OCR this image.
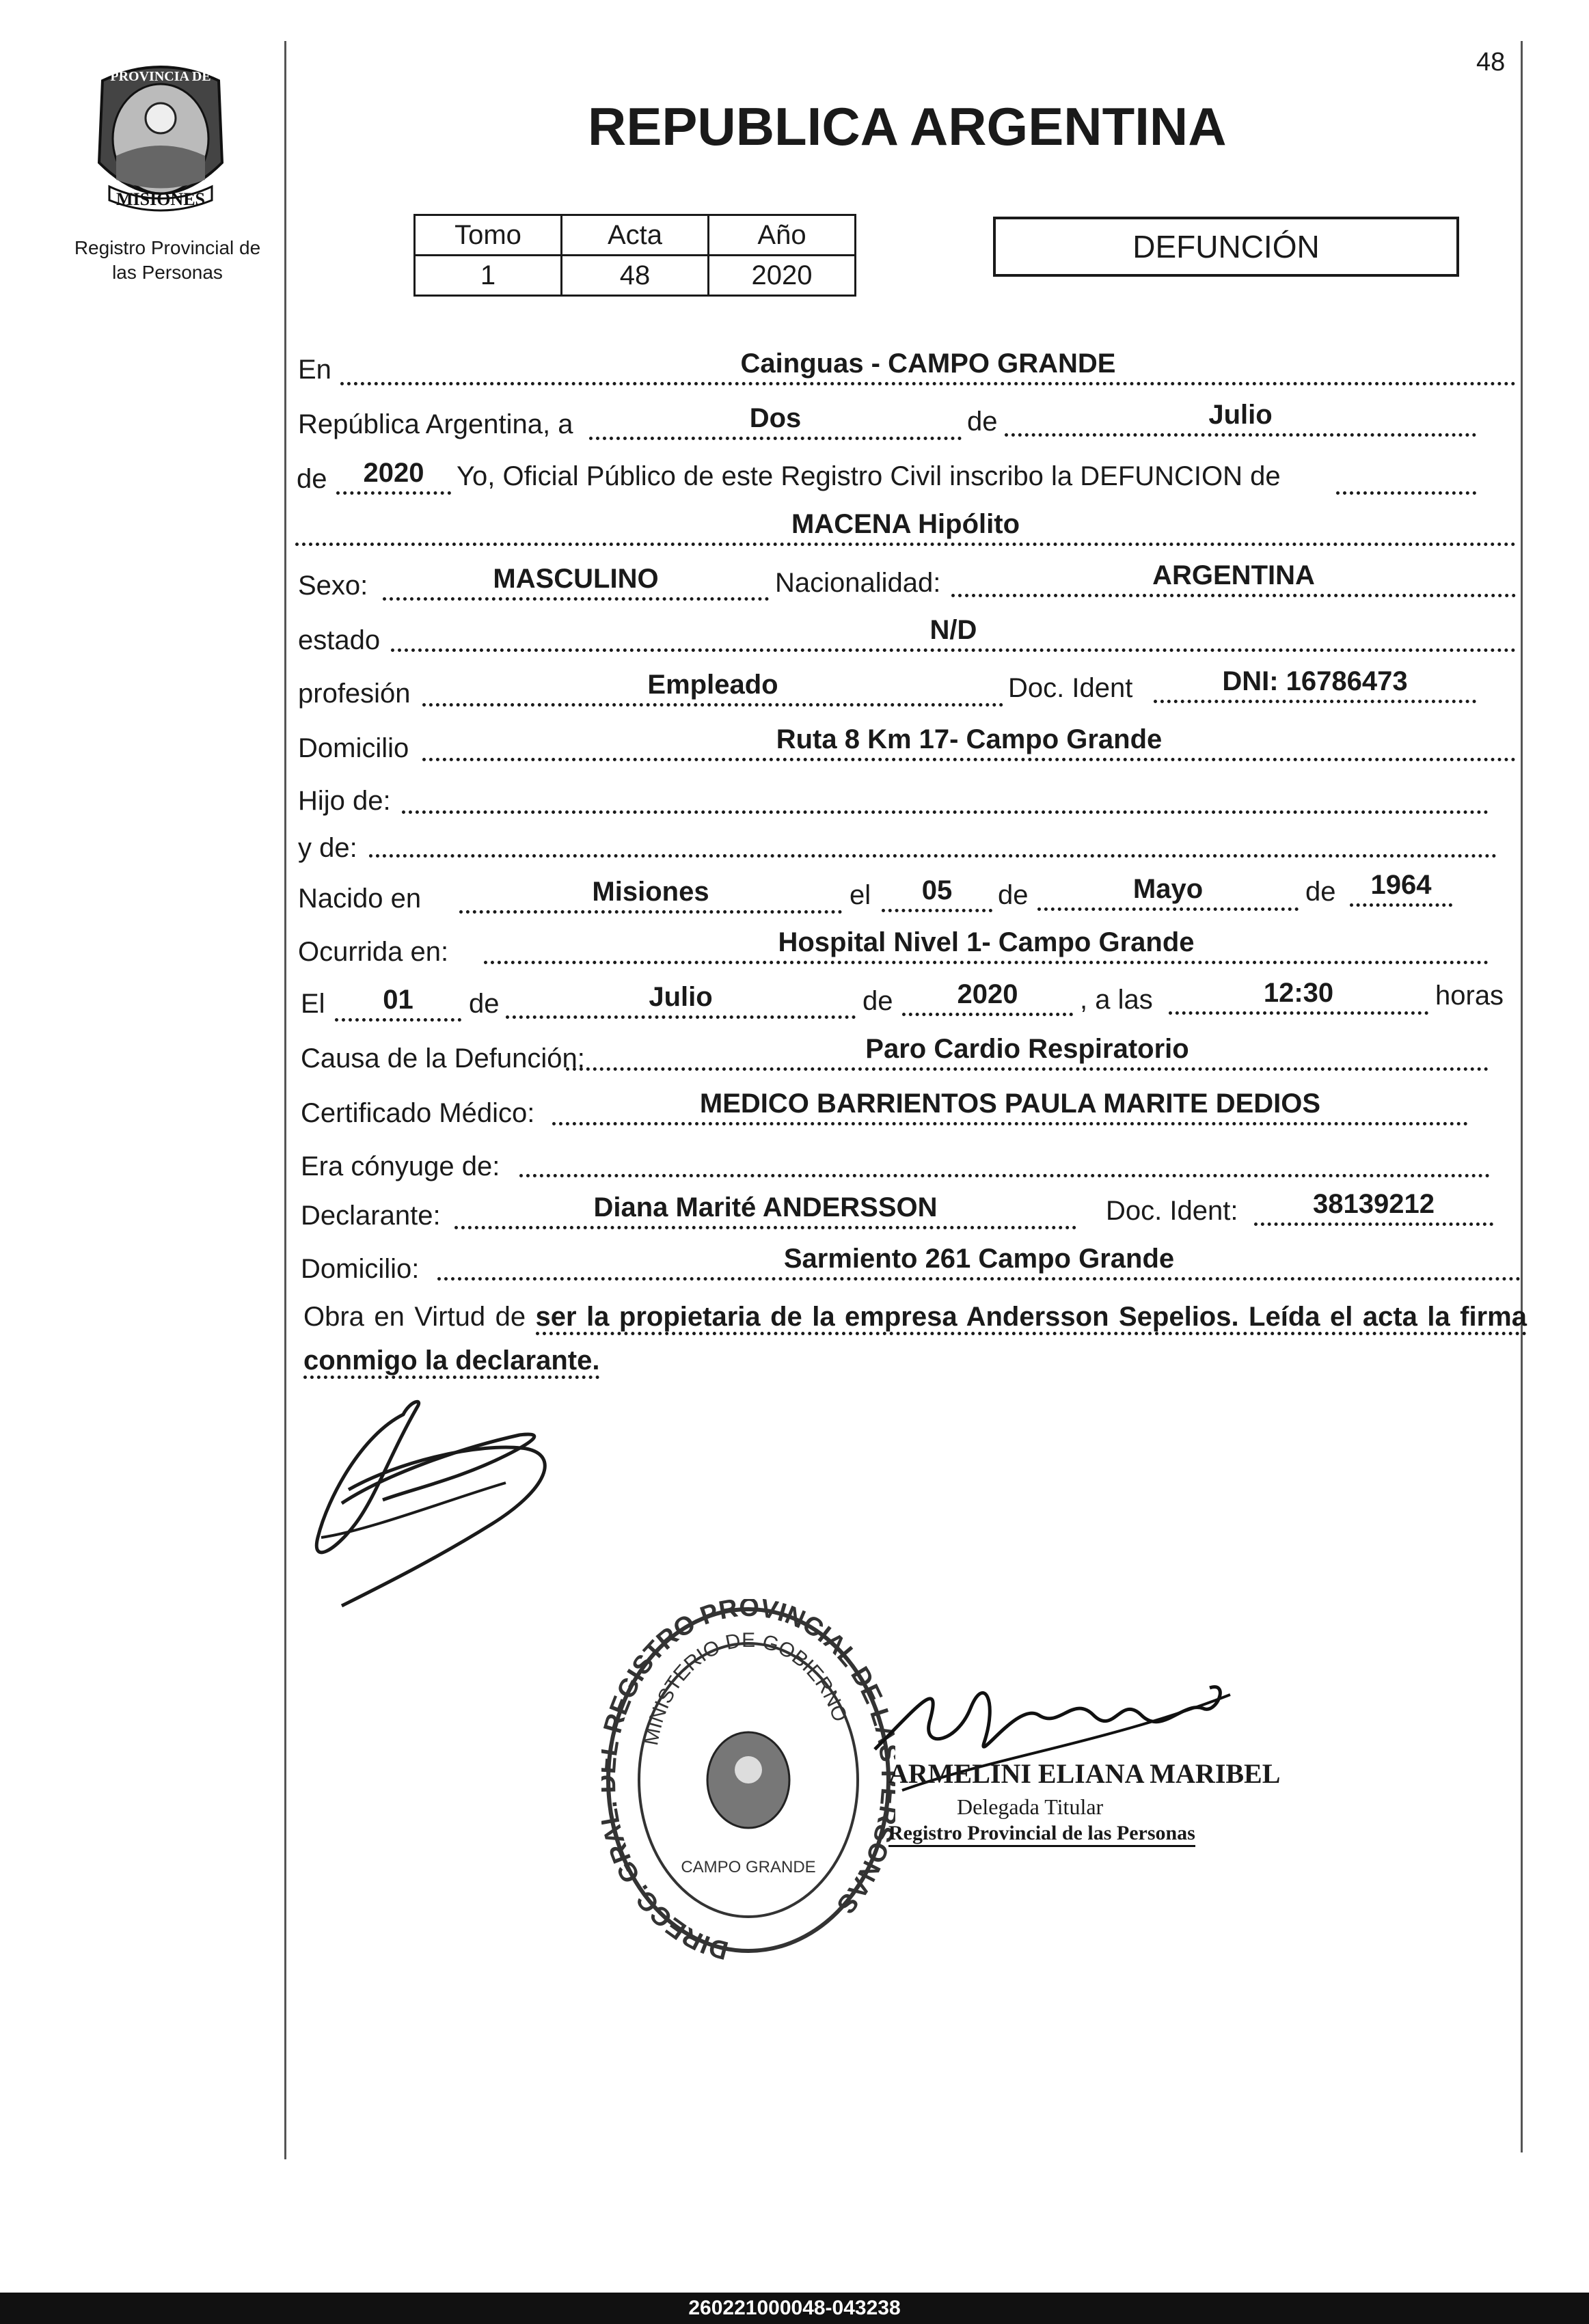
48
MISIONES
PROVINCIA DE
Registro Provincial de las Personas
REPUBLICA ARGENTINA
Tomo	Acta	Año
1	48	2020
DEFUNCIÓN
En	Cainguas - CAMPO GRANDE
República Argentina, a	Dos	de	Julio
de	2020	Yo, Oficial Público de este Registro Civil inscribo la DEFUNCION de
MACENA Hipólito
Sexo:	MASCULINO	Nacionalidad:	ARGENTINA
estado	N/D
profesión	Empleado	Doc. Ident	DNI: 16786473
Domicilio	Ruta 8 Km 17- Campo Grande
Hijo de:
y de:
Nacido en	Misiones	el	05	de	Mayo	de	1964
Ocurrida en:	Hospital Nivel 1- Campo Grande
El	01	de	Julio	de	2020	, a las	12:30	horas
Causa de la Defunción:	Paro Cardio Respiratorio
Certificado Médico:	MEDICO BARRIENTOS PAULA MARITE DEDIOS
Era cónyuge de:
Declarante:	Diana Marité ANDERSSON	Doc. Ident:	38139212
Domicilio:	Sarmiento 261 Campo Grande
Obra en Virtud de ser la propietaria de la empresa Andersson Sepelios. Leída el acta la firma conmigo la declarante.
DIRECC. GR REGISTRO PROVINCIAL DE L ONAS -
MINISTERIO DE GOBIERNO
CAMPO GRANDE
ARMELINI ELIANA MARIBEL
Delegada Titular
Registro Provincial de las Personas
260221000048-043238
